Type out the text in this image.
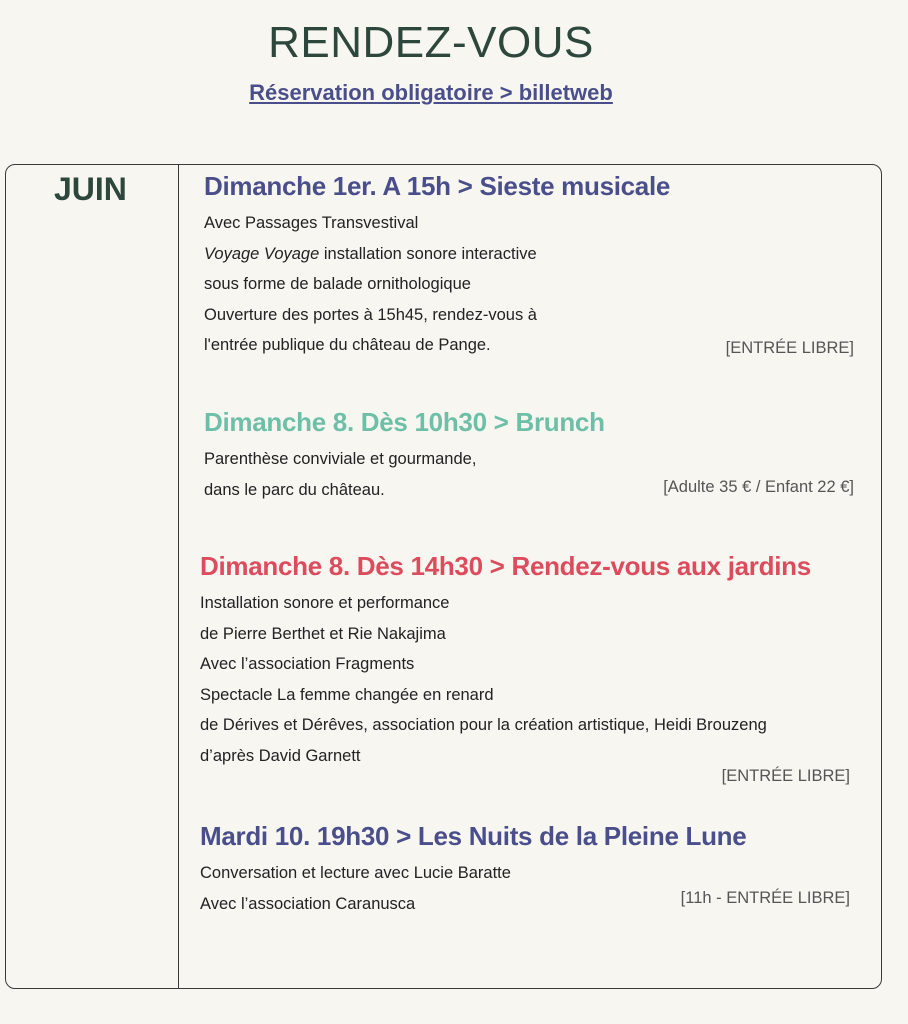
RENDEZ-VOUS
Réservation obligatoire > billetweb
JUIN	Dimanche 1er. A 15h > Sieste musicale
Avec Passages Transvestival
Voyage Voyage installation sonore interactive
sous forme de balade ornithologique
Ouverture des portes à 15h45, rendez-vous à
l'entrée publique du château de Pange.	[ENTRÉE LIBRE]
Dimanche 8. Dès 10h30 > Brunch
Parenthèse conviviale et gourmande,
dans le parc du château.	[Adulte 35 € / Enfant 22 €]
Dimanche 8. Dès 14h30 > Rendez-vous aux jardins
Installation sonore et performance
de Pierre Berthet et Rie Nakajima
Avec l’association Fragments
Spectacle La femme changée en renard
de Dérives et Dérêves, association pour la création artistique, Heidi Brouzeng
d’après David Garnett
[ENTRÉE LIBRE]
Mardi 10. 19h30 > Les Nuits de la Pleine Lune
Conversation et lecture avec Lucie Baratte
Avec l’association Caranusca	[11h - ENTRÉE LIBRE]
